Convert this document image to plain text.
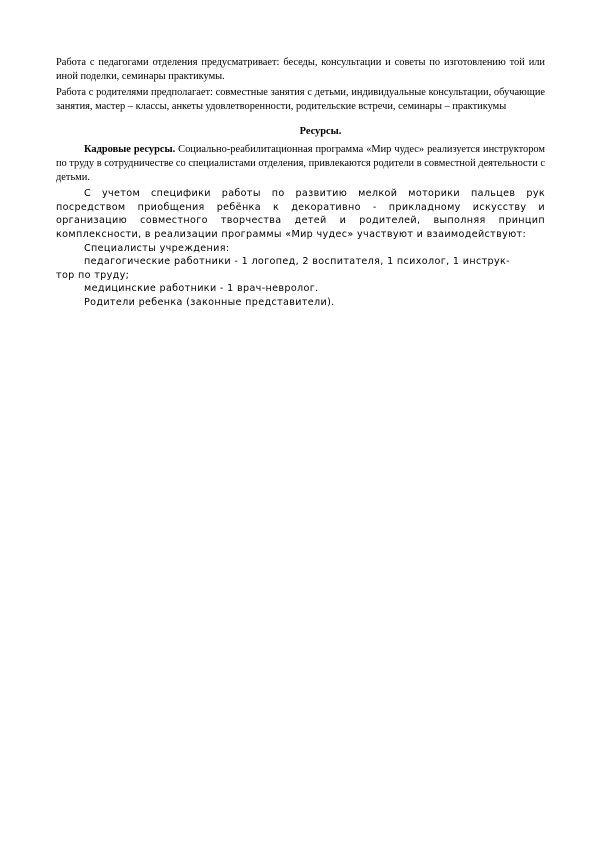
Работа с педагогами отделения предусматривает: беседы, консультации и советы по изготовлению той или иной поделки, семинары практикумы.

Работа с родителями предполагает: совместные занятия с детьми, индивидуальные консультации, обучающие занятия, мастер – классы, анкеты удовлетворенности, родительские встречи, семинары – практикумы

Ресурсы.

Кадровые ресурсы. Социально-реабилитационная программа «Мир чудес» реализуется инструктором по труду в сотрудничестве со специалистами отделения, привлекаются родители в совместной деятельности с детьми.

С учетом специфики работы по развитию мелкой моторики пальцев рук посредством приобщения ребёнка к декоративно - прикладному искусству и организацию совместного творчества детей и родителей, выполняя принцип комплексности, в реализации программы «Мир чудес» участвуют и взаимодействуют:

Специалисты учреждения:

педагогические работники - 1 логопед, 2 воспитателя, 1 психолог, 1 инструк-

тор по труду;

медицинские работники - 1 врач-невролог.

Родители ребенка (законные представители).
